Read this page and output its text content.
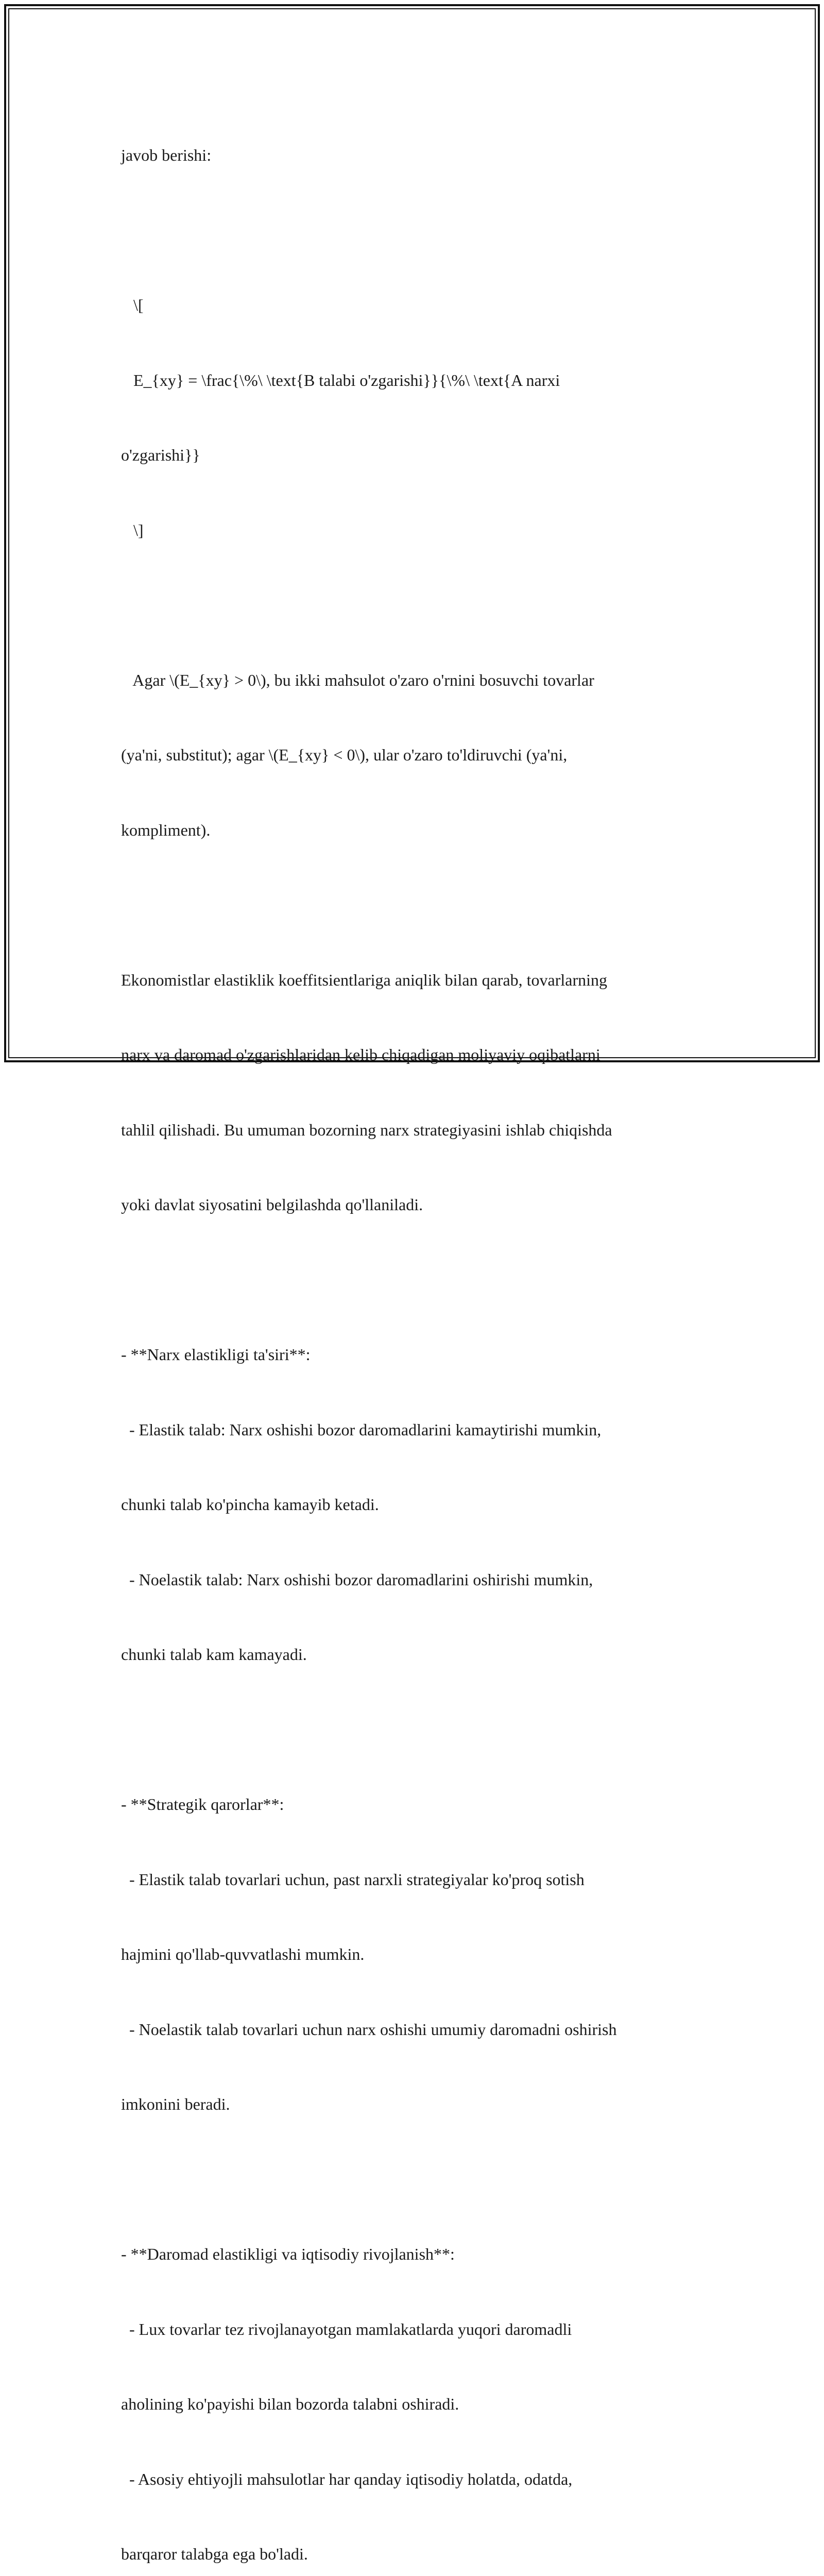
javob berishi:

\[

E_{xy} = \frac{\%\ \text{B talabi o'zgarishi}}{\%\ \text{A narxi

o'zgarishi}}

\]

Agar \(E_{xy} > 0\), bu ikki mahsulot o'zaro o'rnini bosuvchi tovarlar

(ya'ni, substitut); agar \(E_{xy} < 0\), ular o'zaro to'ldiruvchi (ya'ni,

kompliment).

Ekonomistlar elastiklik koeffitsientlariga aniqlik bilan qarab, tovarlarning

narx va daromad o'zgarishlaridan kelib chiqadigan moliyaviy oqibatlarni

tahlil qilishadi. Bu umuman bozorning narx strategiyasini ishlab chiqishda

yoki davlat siyosatini belgilashda qo'llaniladi.

- **Narx elastikligi ta'siri**:

- Elastik talab: Narx oshishi bozor daromadlarini kamaytirishi mumkin,

chunki talab ko'pincha kamayib ketadi.

- Noelastik talab: Narx oshishi bozor daromadlarini oshirishi mumkin,

chunki talab kam kamayadi.

- **Strategik qarorlar**:

- Elastik talab tovarlari uchun, past narxli strategiyalar ko'proq sotish

hajmini qo'llab-quvvatlashi mumkin.

- Noelastik talab tovarlari uchun narx oshishi umumiy daromadni oshirish

imkonini beradi.

- **Daromad elastikligi va iqtisodiy rivojlanish**:

- Lux tovarlar tez rivojlanayotgan mamlakatlarda yuqori daromadli

aholining ko'payishi bilan bozorda talabni oshiradi.

- Asosiy ehtiyojli mahsulotlar har qanday iqtisodiy holatda, odatda,

barqaror talabga ega bo'ladi.
